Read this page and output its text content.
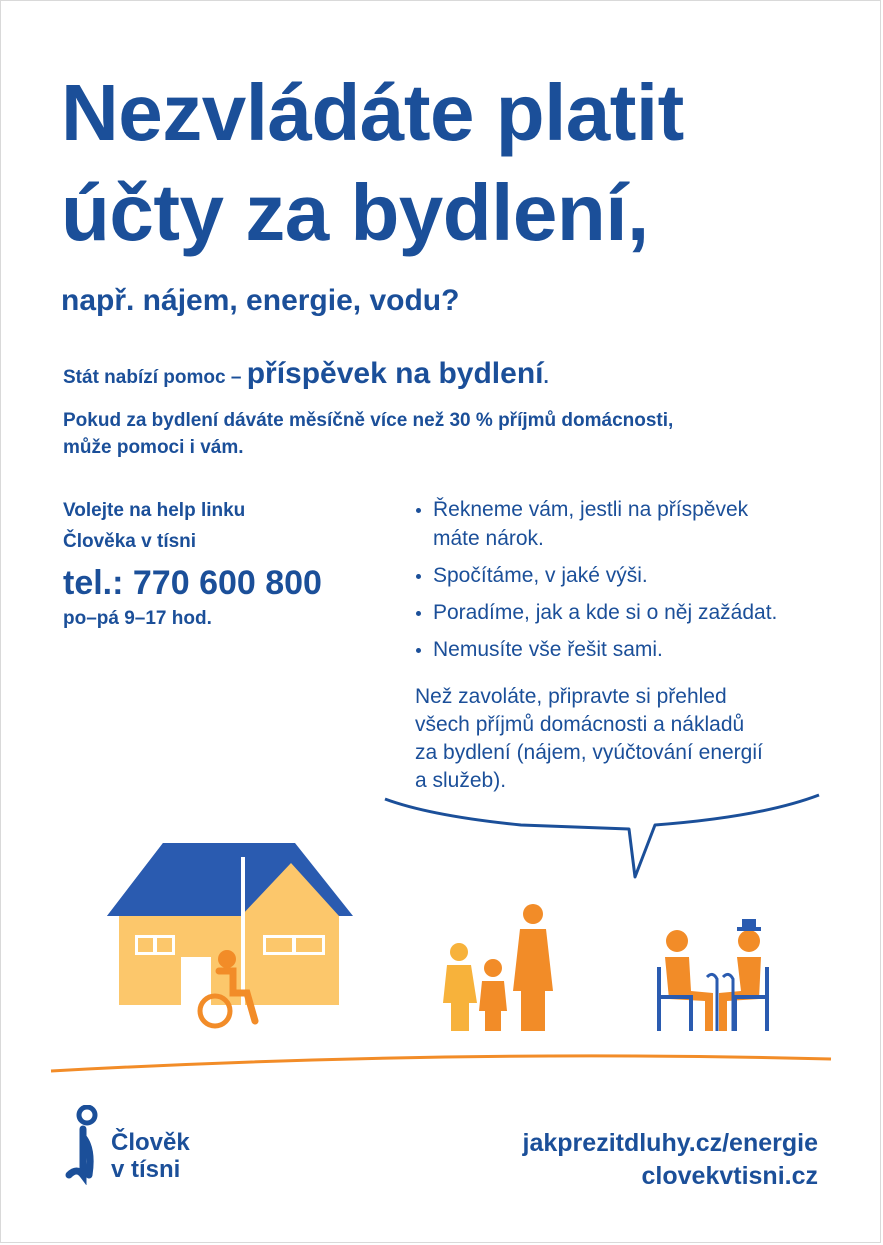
Nezvládáte platit
účty za bydlení,
např. nájem, energie, vodu?
Stát nabízí pomoc – příspěvek na bydlení.
Pokud za bydlení dáváte měsíčně více než 30 % příjmů domácnosti,
může pomoci i vám.
Volejte na help linku
Člověka v tísni
tel.: 770 600 800
po–pá 9–17 hod.
Řekneme vám, jestli na příspěvek
máte nárok.
Spočítáme, v jaké výši.
Poradíme, jak a kde si o něj zažádat.
Nemusíte vše řešit sami.
Než zavoláte, připravte si přehled
všech příjmů domácnosti a nákladů
za bydlení (nájem, vyúčtování energií
a služeb).
Člověk
v tísni
jakprezitdluhy.cz/energie
clovekvtisni.cz
